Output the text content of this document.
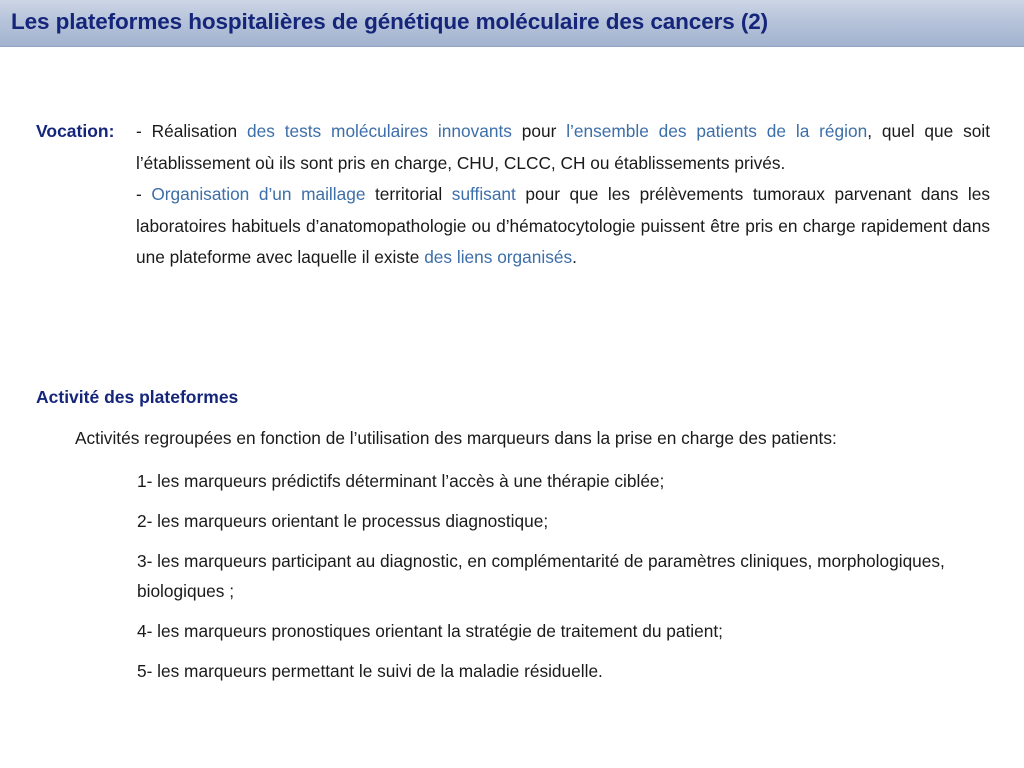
Les plateformes hospitalières de génétique moléculaire des cancers (2)
Vocation: - Réalisation des tests moléculaires innovants pour l’ensemble des patients de la région, quel que soit l’établissement où ils sont pris en charge, CHU, CLCC, CH ou établissements privés.

- Organisation d’un maillage territorial suffisant pour que les prélèvements tumoraux parvenant dans les laboratoires habituels d’anatomopathologie ou d’hématocytologie puissent être pris en charge rapidement dans une plateforme avec laquelle il existe des liens organisés.

Activité des plateformes
Activités regroupées en fonction de l’utilisation des marqueurs dans la prise en charge des patients:
1- les marqueurs prédictifs déterminant l’accès à une thérapie ciblée;
2- les marqueurs orientant le processus diagnostique;
3- les marqueurs participant au diagnostic, en complémentarité de paramètres cliniques, morphologiques, biologiques ;
4- les marqueurs pronostiques orientant la stratégie de traitement du patient;
5- les marqueurs permettant le suivi de la maladie résiduelle.
